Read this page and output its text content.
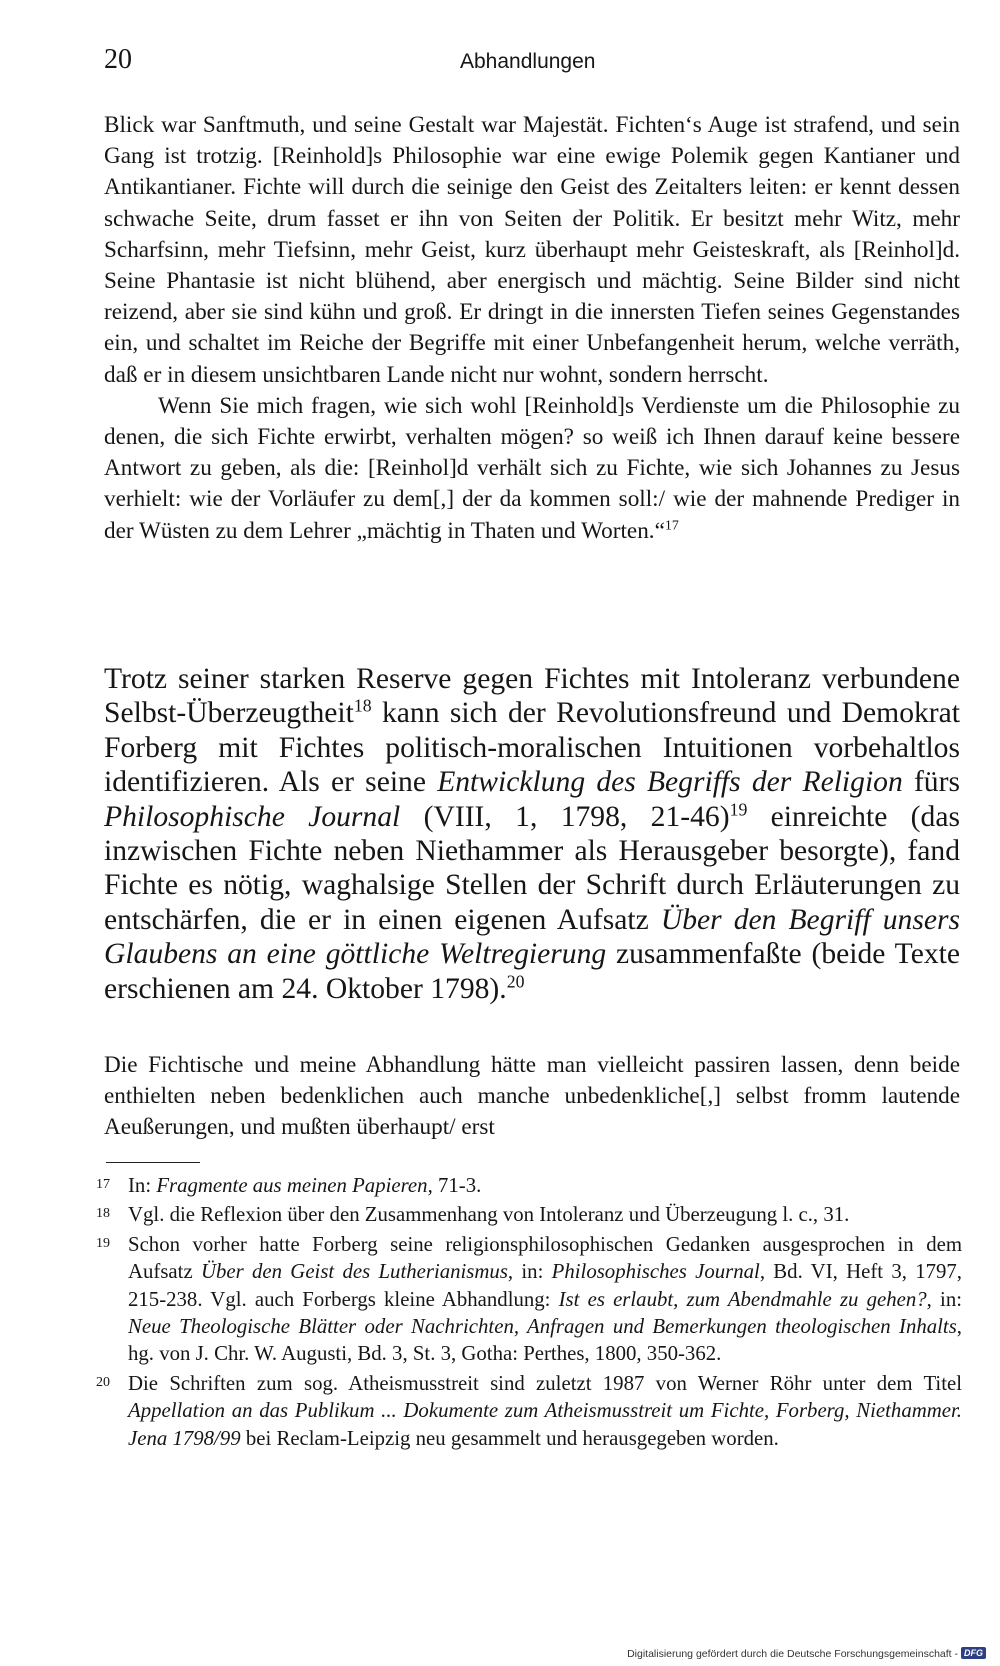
20	Abhandlungen

Blick war Sanftmuth, und seine Gestalt war Majestät. Fichten‘s Auge ist strafend, und sein Gang ist trotzig. [Reinhold]s Philosophie war eine ewige Polemik gegen Kantianer und Antikantianer. Fichte will durch die seinige den Geist des Zeitalters leiten: er kennt dessen schwache Seite, drum fasset er ihn von Seiten der Politik. Er besitzt mehr Witz, mehr Scharfsinn, mehr Tiefsinn, mehr Geist, kurz überhaupt mehr Geisteskraft, als [Reinhol]d. Seine Phantasie ist nicht blühend, aber energisch und mächtig. Seine Bilder sind nicht reizend, aber sie sind kühn und groß. Er dringt in die innersten Tiefen seines Gegenstandes ein, und schaltet im Reiche der Begriffe mit einer Unbefangenheit herum, welche verräth, daß er in diesem unsichtbaren Lande nicht nur wohnt, sondern herrscht.

Wenn Sie mich fragen, wie sich wohl [Reinhold]s Verdienste um die Philosophie zu denen, die sich Fichte erwirbt, verhalten mögen? so weiß ich Ihnen darauf keine bessere Antwort zu geben, als die: [Reinhol]d verhält sich zu Fichte, wie sich Johannes zu Jesus verhielt: wie der Vorläufer zu dem[,] der da kommen soll:/ wie der mahnende Prediger in der Wüsten zu dem Lehrer „mächtig in Thaten und Worten.“$^{17}$

Trotz seiner starken Reserve gegen Fichtes mit Intoleranz verbundene Selbst-Überzeugtheit$^{18}$ kann sich der Revolutionsfreund und Demokrat Forberg mit Fichtes politisch-moralischen Intuitionen vorbehaltlos identifizieren. Als er seine Entwicklung des Begriffs der Religion fürs Philosophische Journal (VIII, 1, 1798, 21-46)$^{19}$ einreichte (das inzwischen Fichte neben Niethammer als Herausgeber besorgte), fand Fichte es nötig, waghalsige Stellen der Schrift durch Erläuterungen zu entschärfen, die er in einen eigenen Aufsatz Über den Begriff unsers Glaubens an eine göttliche Weltregierung zusammenfaßte (beide Texte erschienen am 24. Oktober 1798).$^{20}$

Die Fichtische und meine Abhandlung hätte man vielleicht passiren lassen, denn beide enthielten neben bedenklichen auch manche unbedenkliche[,] selbst fromm lautende Aeußerungen, und mußten überhaupt/ erst

17 In: Fragmente aus meinen Papieren, 71-3.

18 Vgl. die Reflexion über den Zusammenhang von Intoleranz und Überzeugung l. c., 31.

19 Schon vorher hatte Forberg seine religionsphilosophischen Gedanken ausgesprochen in dem Aufsatz Über den Geist des Lutherianismus, in: Philosophisches Journal, Bd. VI, Heft 3, 1797, 215-238. Vgl. auch Forbergs kleine Abhandlung: Ist es erlaubt, zum Abendmahle zu gehen?, in: Neue Theologische Blätter oder Nachrichten, Anfragen und Bemerkungen theologischen Inhalts, hg. von J. Chr. W. Augusti, Bd. 3, St. 3, Gotha: Perthes, 1800, 350-362.

20 Die Schriften zum sog. Atheismusstreit sind zuletzt 1987 von Werner Röhr unter dem Titel Appellation an das Publikum ... Dokumente zum Atheismusstreit um Fichte, Forberg, Niethammer. Jena 1798/99 bei Reclam-Leipzig neu gesammelt und herausgegeben worden.

Digitalisierung gefördert durch die Deutsche Forschungsgemeinschaft - DFG
